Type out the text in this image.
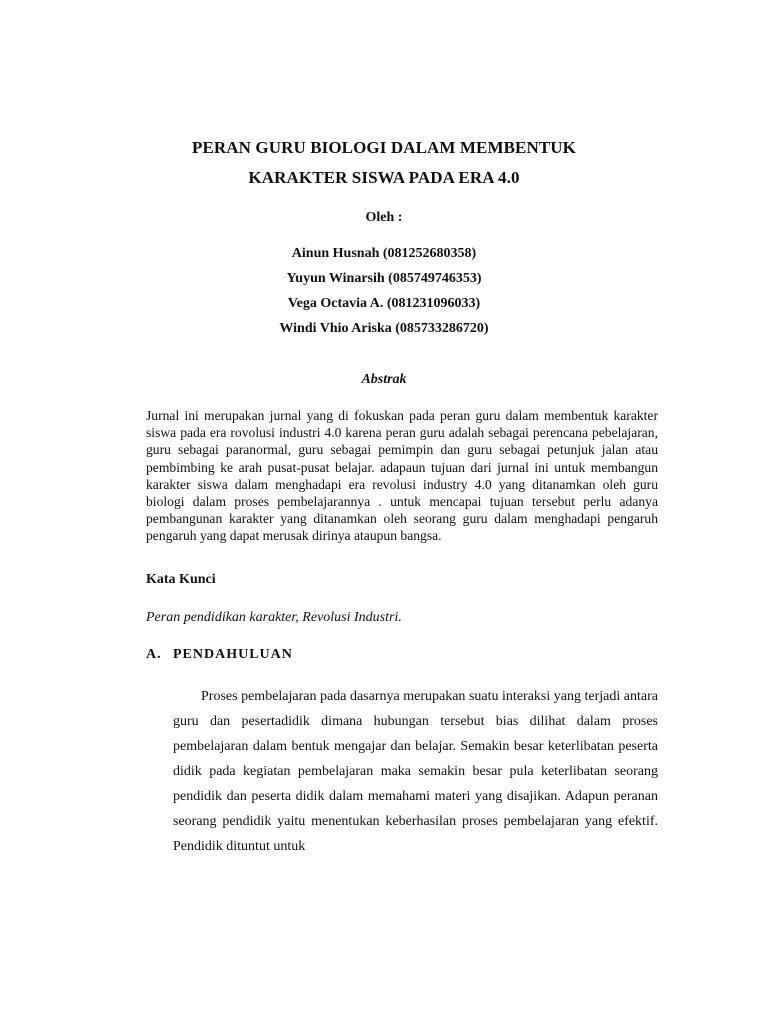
PERAN GURU BIOLOGI DALAM MEMBENTUK
KARAKTER SISWA PADA ERA 4.0
Oleh :
Ainun Husnah (081252680358)
Yuyun Winarsih (085749746353)
Vega Octavia A. (081231096033)
Windi Vhio Ariska (085733286720)
Abstrak

Jurnal ini merupakan jurnal yang di fokuskan pada peran guru dalam membentuk karakter siswa pada era rovolusi industri 4.0 karena peran guru adalah sebagai perencana pebelajaran, guru sebagai paranormal, guru sebagai pemimpin dan guru sebagai petunjuk jalan atau pembimbing ke arah pusat-pusat belajar. adapaun tujuan dari jurnal ini untuk membangun karakter siswa dalam menghadapi era revolusi industry 4.0 yang ditanamkan oleh guru biologi dalam proses pembelajarannya . untuk mencapai tujuan tersebut perlu adanya pembangunan karakter yang ditanamkan oleh seorang guru dalam menghadapi pengaruh pengaruh yang dapat merusak dirinya ataupun bangsa.

Kata Kunci
Peran pendidikan karakter, Revolusi Industri.
A. PENDAHULUAN

Proses pembelajaran pada dasarnya merupakan suatu interaksi yang terjadi antara guru dan pesertadidik dimana hubungan tersebut bias dilihat dalam proses pembelajaran dalam bentuk mengajar dan belajar. Semakin besar keterlibatan peserta didik pada kegiatan pembelajaran maka semakin besar pula keterlibatan seorang pendidik dan peserta didik dalam memahami materi yang disajikan. Adapun peranan seorang pendidik yaitu menentukan keberhasilan proses pembelajaran yang efektif. Pendidik dituntut untuk
